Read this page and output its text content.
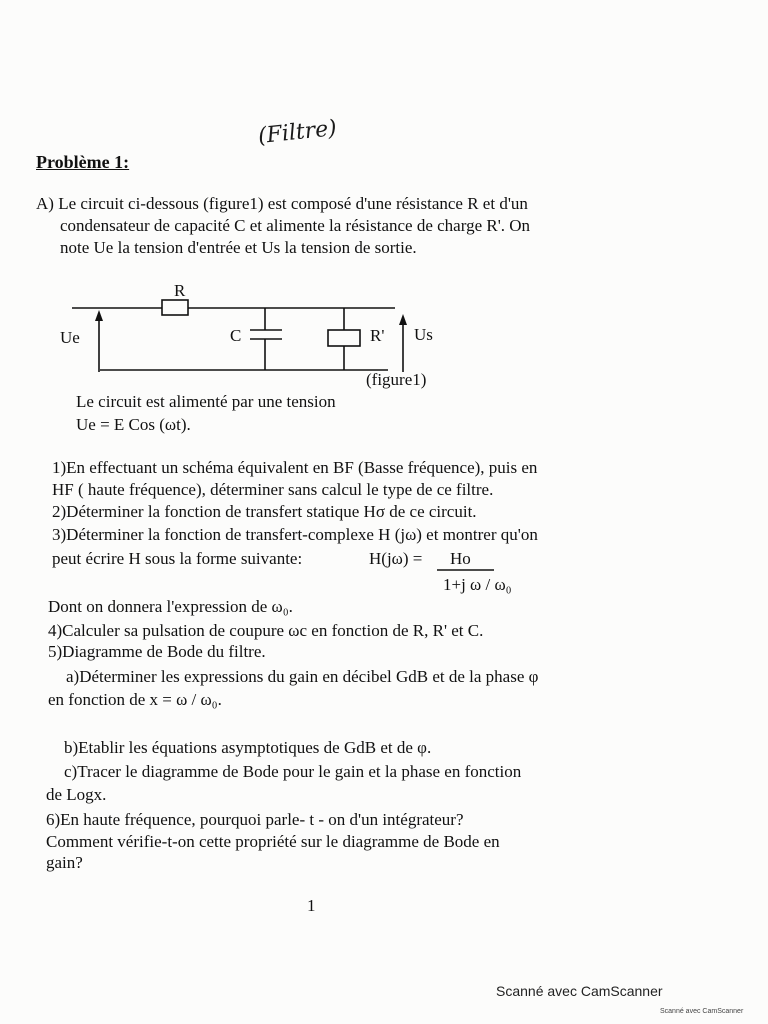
(Filtre)
Problème 1:
A) Le circuit ci-dessous (figure1) est composé d'une résistance R et d'un
condensateur de capacité C et alimente la résistance de charge R'. On
note Ue la tension d'entrée et Us la tension de sortie.
R
C	R'
Ue	Us
(figure1)
Le circuit est alimenté par une tension
Ue = E Cos (ωt).
1)En effectuant un schéma équivalent en BF (Basse fréquence), puis en
HF ( haute fréquence), déterminer sans calcul le type de ce filtre.
2)Déterminer la fonction de transfert statique Hσ de ce circuit.
3)Déterminer la fonction de transfert-complexe H (jω) et montrer qu'on
peut écrire H sous la forme suivante:	H(jω) = Ho
1+j ω / ω₀
Dont on donnera l'expression de ω₀.
4)Calculer sa pulsation de coupure ωc en fonction de R, R' et C.
5)Diagramme de Bode du filtre.
a)Déterminer les expressions du gain en décibel GdB et de la phase φ
en fonction de x = ω / ω₀.
b)Etablir les équations asymptotiques de GdB et de φ.
c)Tracer le diagramme de Bode pour le gain et la phase en fonction
de Logx.
6)En haute fréquence, pourquoi parle- t - on d'un intégrateur?
Comment vérifie-t-on cette propriété sur le diagramme de Bode en
gain?
1
Scanné avec CamScanner
Scanné avec CamScanner
